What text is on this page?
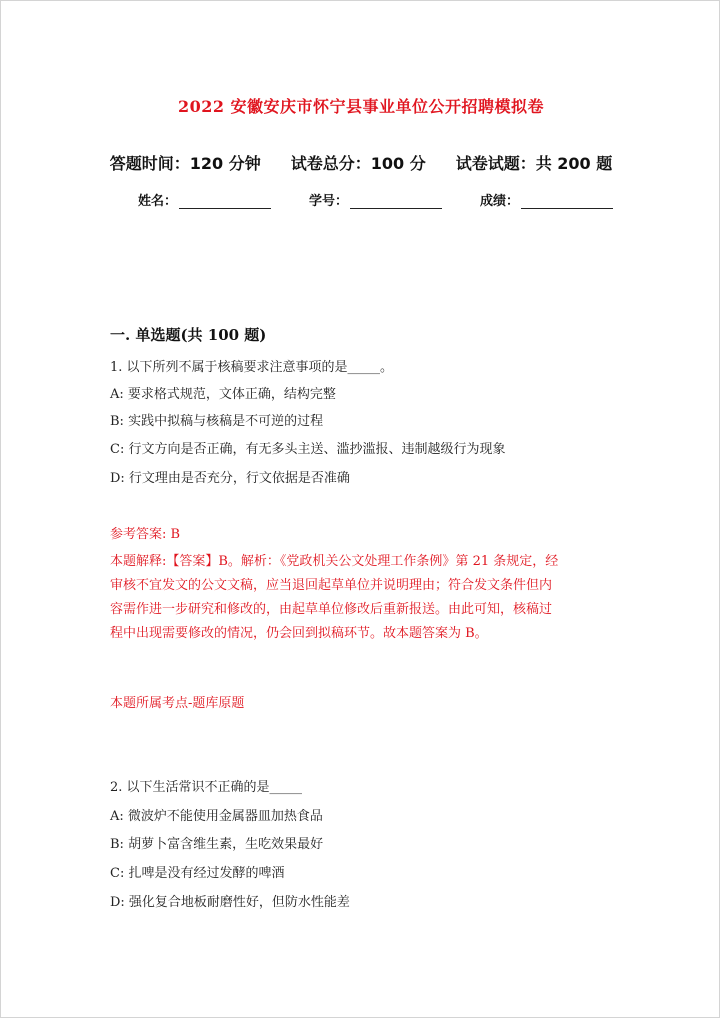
2022 安徽安庆市怀宁县事业单位公开招聘模拟卷
答题时间：120 分钟 试卷总分：100 分 试卷试题：共 200 题
姓名：	学号：	成绩：
一. 单选题(共 100 题)
1. 以下所列不属于核稿要求注意事项的是_____。
A: 要求格式规范，文体正确，结构完整
B: 实践中拟稿与核稿是不可逆的过程
C: 行文方向是否正确，有无多头主送、滥抄滥报、违制越级行为现象
D: 行文理由是否充分，行文依据是否准确
参考答案: B
本题解释:【答案】B。解析：《党政机关公文处理工作条例》第 21 条规定，经
审核不宜发文的公文文稿，应当退回起草单位并说明理由；符合发文条件但内
容需作进一步研究和修改的，由起草单位修改后重新报送。由此可知，核稿过
程中出现需要修改的情况，仍会回到拟稿环节。故本题答案为 B。
本题所属考点-题库原题
2. 以下生活常识不正确的是_____
A: 微波炉不能使用金属器皿加热食品
B: 胡萝卜富含维生素，生吃效果最好
C: 扎啤是没有经过发酵的啤酒
D: 强化复合地板耐磨性好，但防水性能差
